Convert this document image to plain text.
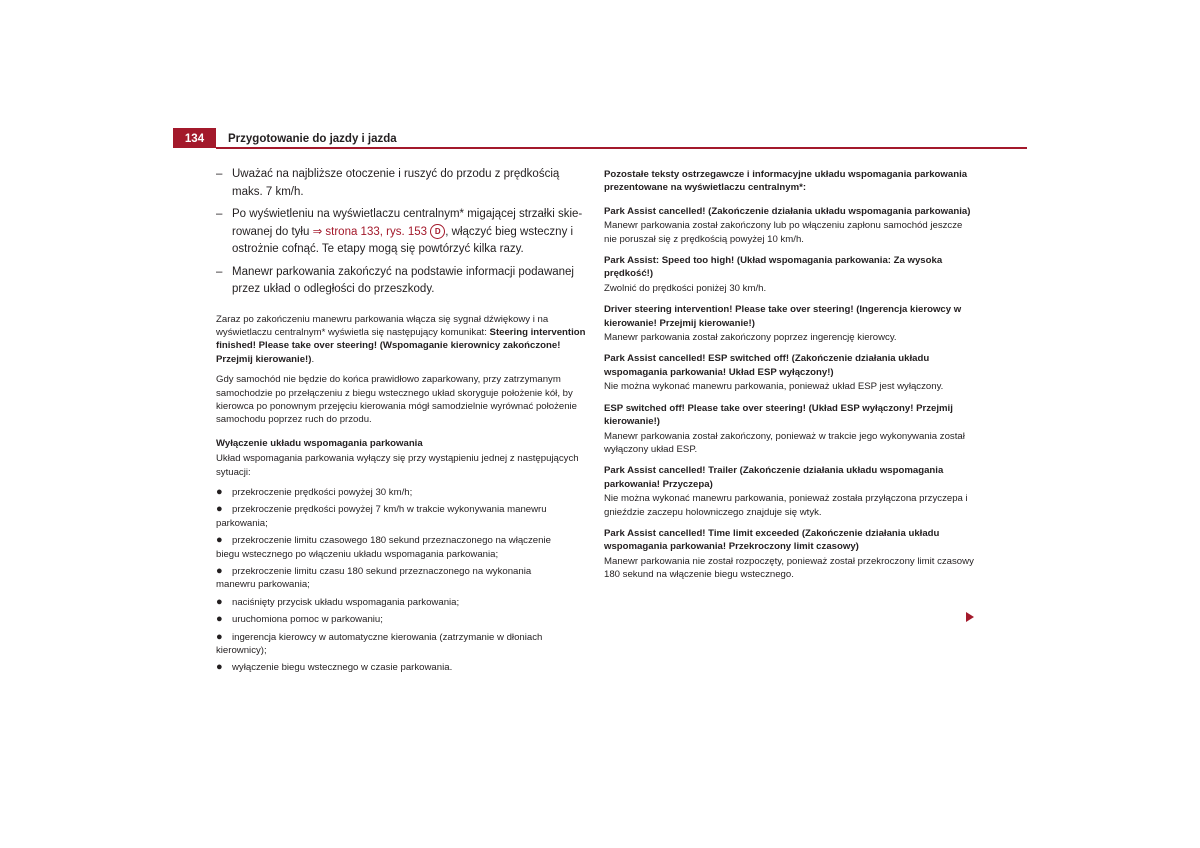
134	Przygotowanie do jazdy i jazda
– Uważać na najbliższe otoczenie i ruszyć do przodu z prędkością maks. 7 km/h.
– Po wyświetleniu na wyświetlaczu centralnym* migającej strzałki skie-rowanej do tyłu ⇒ strona 133, rys. 153 D , włączyć bieg wsteczny i ostrożnie cofnąć. Te etapy mogą się powtórzyć kilka razy.
– Manewr parkowania zakończyć na podstawie informacji podawanej przez układ o odległości do przeszkody.

Zaraz po zakończeniu manewru parkowania włącza się sygnał dźwiękowy i na wyświetlaczu centralnym* wyświetla się następujący komunikat: Steering intervention finished! Please take over steering! (Wspomaganie kierownicy zakończone! Przejmij kierowanie!).

Gdy samochód nie będzie do końca prawidłowo zaparkowany, przy zatrzymanym samochodzie po przełączeniu z biegu wstecznego układ skoryguje położenie kół, by kierowca po ponownym przejęciu kierowania mógł samodzielnie wyrównać położenie samochodu poprzez ruch do przodu.

Wyłączenie układu wspomagania parkowania

Układ wspomagania parkowania wyłączy się przy wystąpieniu jednej z następujących sytuacji:

● przekroczenie prędkości powyżej 30 km/h;
● przekroczenie prędkości powyżej 7 km/h w trakcie wykonywania manewru
parkowania;
● przekroczenie limitu czasowego 180 sekund przeznaczonego na włączenie
biegu wstecznego po włączeniu układu wspomagania parkowania;
● przekroczenie limitu czasu 180 sekund przeznaczonego na wykonania
manewru parkowania;
● naciśnięty przycisk układu wspomagania parkowania;
● uruchomiona pomoc w parkowaniu;
● ingerencja kierowcy w automatyczne kierowania (zatrzymanie w dłoniach
kierownicy);
● wyłączenie biegu wstecznego w czasie parkowania.

Pozostałe teksty ostrzegawcze i informacyjne układu wspomagania parkowania prezentowane na wyświetlaczu centralnym*:

Park Assist cancelled! (Zakończenie działania układu wspomagania parkowania)

Manewr parkowania został zakończony lub po włączeniu zapłonu samochód jeszcze nie poruszał się z prędkością powyżej 10 km/h.

Park Assist: Speed too high! (Układ wspomagania parkowania: Za wysoka prędkość!)

Zwolnić do prędkości poniżej 30 km/h.

Driver steering intervention! Please take over steering! (Ingerencja kierowcy w kierowanie! Przejmij kierowanie!)

Manewr parkowania został zakończony poprzez ingerencję kierowcy.

Park Assist cancelled! ESP switched off! (Zakończenie działania układu wspomagania parkowania! Układ ESP wyłączony!)

Nie można wykonać manewru parkowania, ponieważ układ ESP jest wyłączony.

ESP switched off! Please take over steering! (Układ ESP wyłączony! Przejmij kierowanie!)

Manewr parkowania został zakończony, ponieważ w trakcie jego wykonywania został wyłączony układ ESP.

Park Assist cancelled! Trailer (Zakończenie działania układu wspomagania parkowania! Przyczepa)

Nie można wykonać manewru parkowania, ponieważ została przyłączona przyczepa i gnieździe zaczepu holowniczego znajduje się wtyk.

Park Assist cancelled! Time limit exceeded (Zakończenie działania układu wspomagania parkowania! Przekroczony limit czasowy)

Manewr parkowania nie został rozpoczęty, ponieważ został przekroczony limit czasowy 180 sekund na włączenie biegu wstecznego.
